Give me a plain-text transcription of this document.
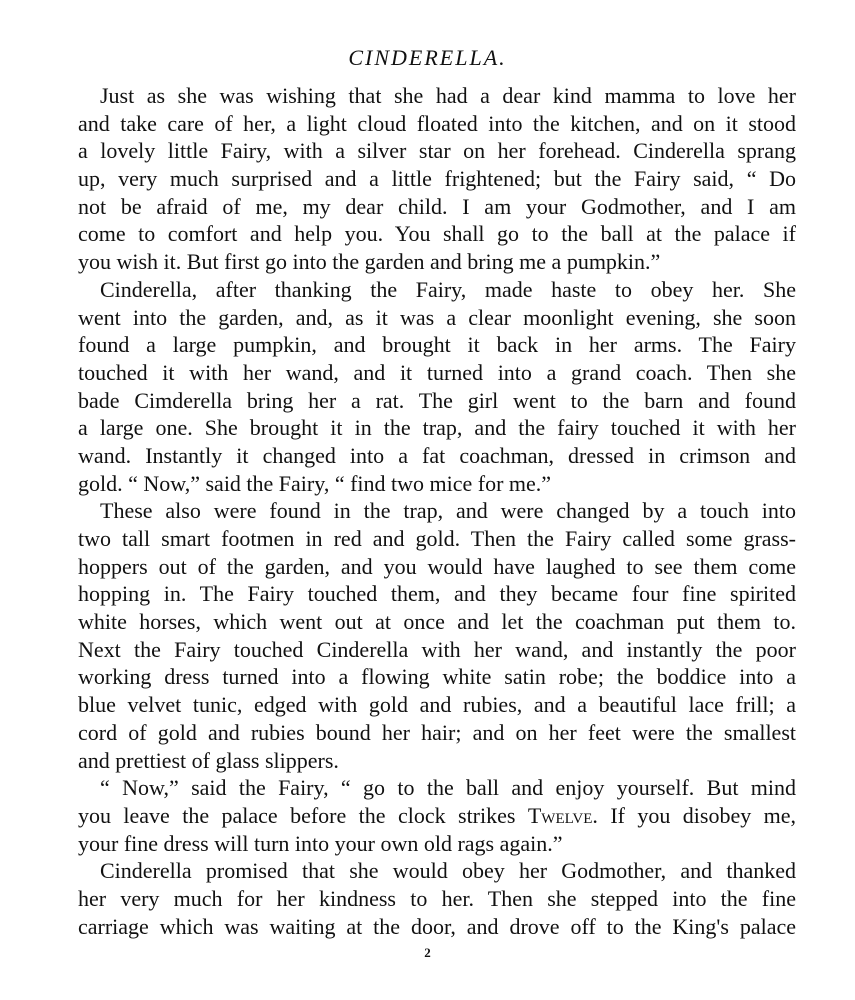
CINDERELLA.

Just as she was wishing that she had a dear kind mamma to love her
and take care of her, a light cloud floated into the kitchen, and on it stood
a lovely little Fairy, with a silver star on her forehead. Cinderella sprang
up, very much surprised and a little frightened; but the Fairy said, “ Do
not be afraid of me, my dear child. I am your Godmother, and I am
come to comfort and help you. You shall go to the ball at the palace if
you wish it. But first go into the garden and bring me a pumpkin.”

Cinderella, after thanking the Fairy, made haste to obey her. She
went into the garden, and, as it was a clear moonlight evening, she soon
found a large pumpkin, and brought it back in her arms. The Fairy
touched it with her wand, and it turned into a grand coach. Then she
bade Cimderella bring her a rat. The girl went to the barn and found
a large one. She brought it in the trap, and the fairy touched it with her
wand. Instantly it changed into a fat coachman, dressed in crimson and
gold. “ Now,” said the Fairy, “ find two mice for me.”

These also were found in the trap, and were changed by a touch into
two tall smart footmen in red and gold. Then the Fairy called some grass-
hoppers out of the garden, and you would have laughed to see them come
hopping in. The Fairy touched them, and they became four fine spirited
white horses, which went out at once and let the coachman put them to.
Next the Fairy touched Cinderella with her wand, and instantly the poor
working dress turned into a flowing white satin robe; the boddice into a
blue velvet tunic, edged with gold and rubies, and a beautiful lace frill; a
cord of gold and rubies bound her hair; and on her feet were the smallest
and prettiest of glass slippers.

“ Now,” said the Fairy, “ go to the ball and enjoy yourself. But mind
you leave the palace before the clock strikes Twelve. If you disobey me,
your fine dress will turn into your own old rags again.”

Cinderella promised that she would obey her Godmother, and thanked
her very much for her kindness to her. Then she stepped into the fine
carriage which was waiting at the door, and drove off to the King's palace

2
